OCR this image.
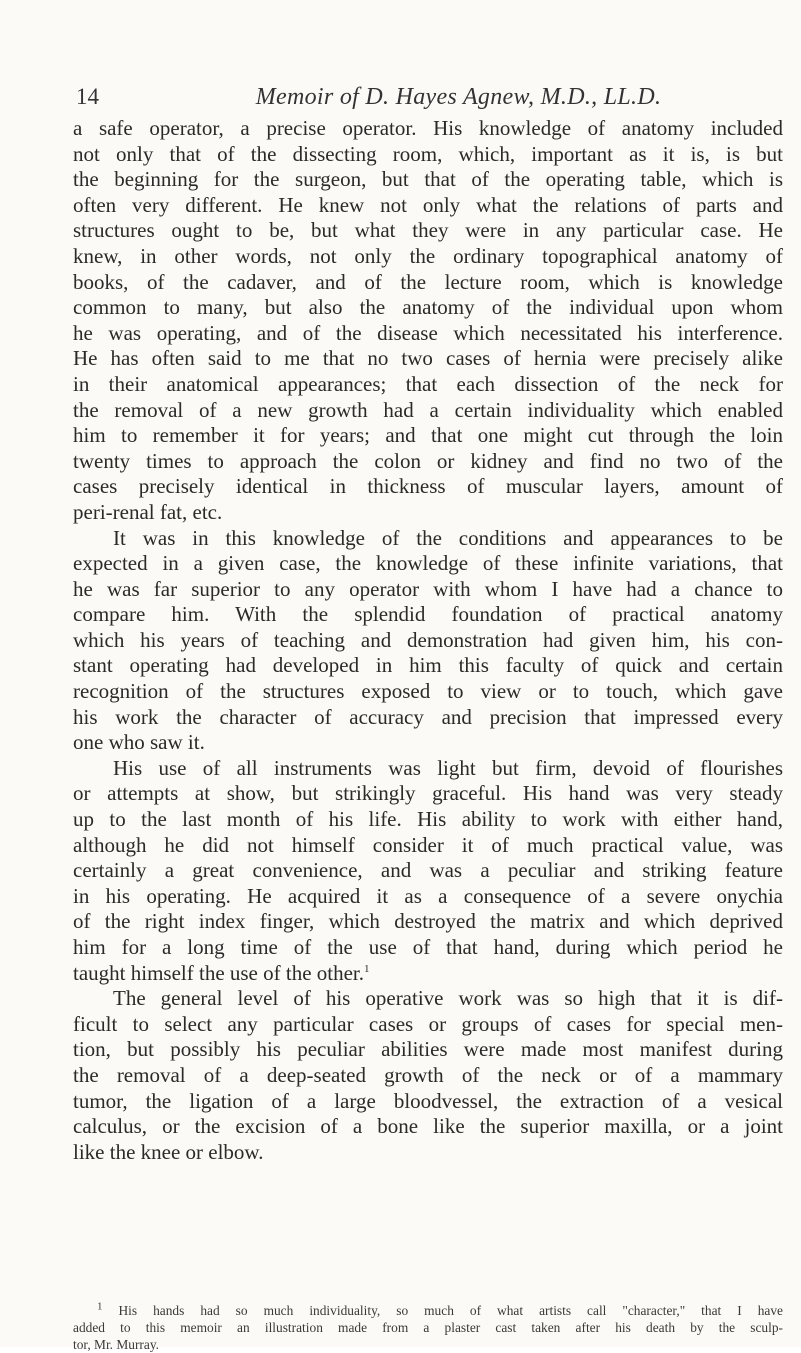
14	Memoir of D. Hayes Agnew, M.D., LL.D.
a safe operator, a precise operator. His knowledge of anatomy included
not only that of the dissecting room, which, important as it is, is but
the beginning for the surgeon, but that of the operating table, which is
often very different. He knew not only what the relations of parts and
structures ought to be, but what they were in any particular case. He
knew, in other words, not only the ordinary topographical anatomy of
books, of the cadaver, and of the lecture room, which is knowledge
common to many, but also the anatomy of the individual upon whom
he was operating, and of the disease which necessitated his interference.
He has often said to me that no two cases of hernia were precisely alike
in their anatomical appearances; that each dissection of the neck for
the removal of a new growth had a certain individuality which enabled
him to remember it for years; and that one might cut through the loin
twenty times to approach the colon or kidney and find no two of the
cases precisely identical in thickness of muscular layers, amount of
peri-renal fat, etc.
It was in this knowledge of the conditions and appearances to be
expected in a given case, the knowledge of these infinite variations, that
he was far superior to any operator with whom I have had a chance to
compare him. With the splendid foundation of practical anatomy
which his years of teaching and demonstration had given him, his con-
stant operating had developed in him this faculty of quick and certain
recognition of the structures exposed to view or to touch, which gave
his work the character of accuracy and precision that impressed every
one who saw it.
His use of all instruments was light but firm, devoid of flourishes
or attempts at show, but strikingly graceful. His hand was very steady
up to the last month of his life. His ability to work with either hand,
although he did not himself consider it of much practical value, was
certainly a great convenience, and was a peculiar and striking feature
in his operating. He acquired it as a consequence of a severe onychia
of the right index finger, which destroyed the matrix and which deprived
him for a long time of the use of that hand, during which period he
taught himself the use of the other.$^1$
The general level of his operative work was so high that it is dif-
ficult to select any particular cases or groups of cases for special men-
tion, but possibly his peculiar abilities were made most manifest during
the removal of a deep-seated growth of the neck or of a mammary
tumor, the ligation of a large bloodvessel, the extraction of a vesical
calculus, or the excision of a bone like the superior maxilla, or a joint
like the knee or elbow.
$^1$ His hands had so much individuality, so much of what artists call "character," that I have
added to this memoir an illustration made from a plaster cast taken after his death by the sculp-
tor, Mr. Murray.
